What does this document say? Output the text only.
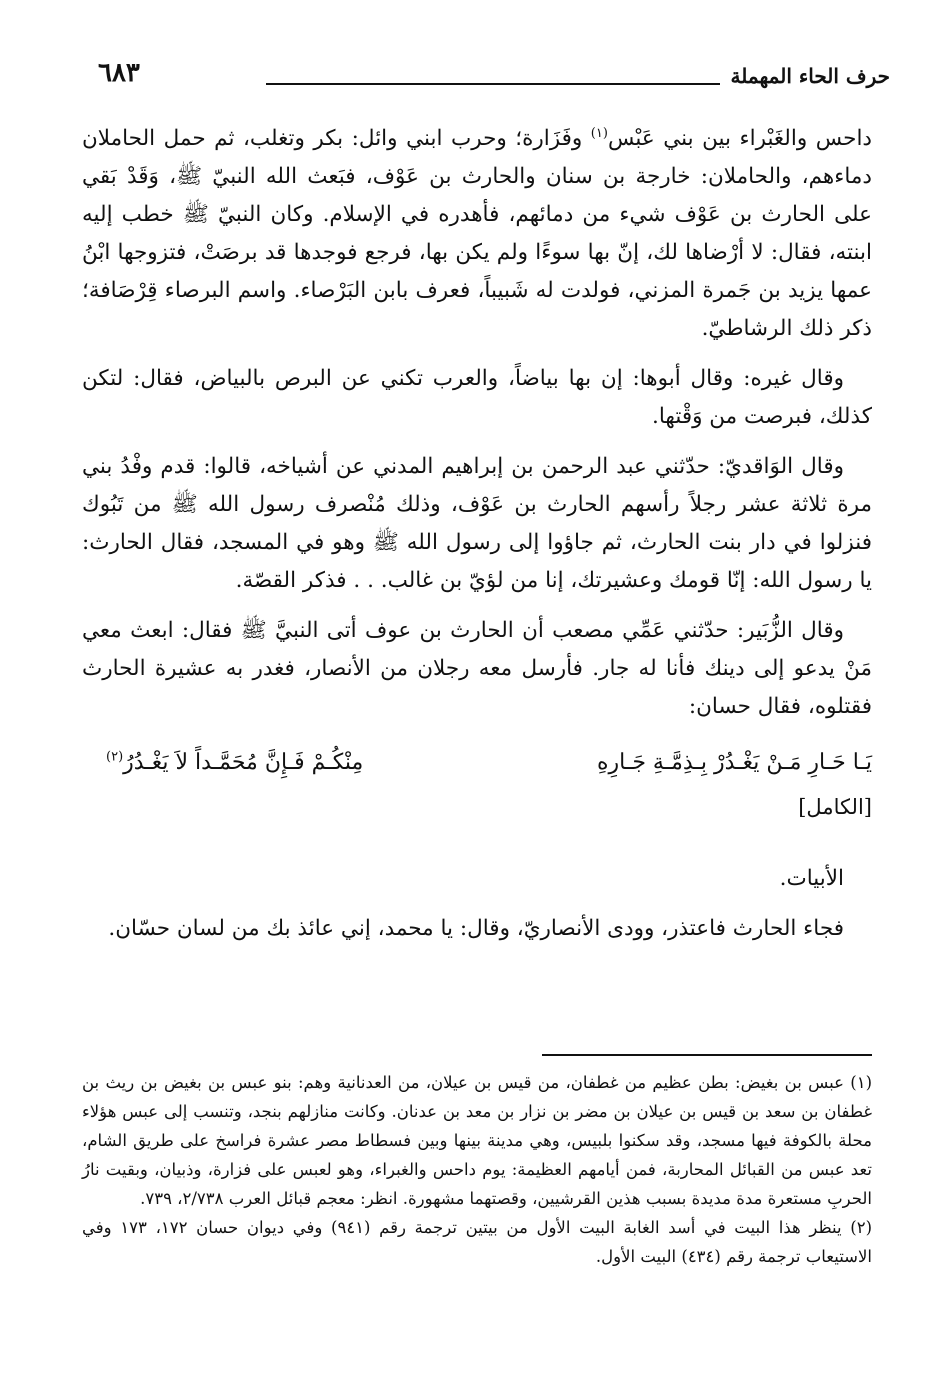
٦٨٣	حرف الحاء المهملة

داحس والغَبْراء بين بني عَبْس$^{(١)}$ وفَزَارة؛ وحرب ابني وائل: بكر وتغلب، ثم حمل الحاملان دماءهم، والحاملان: خارجة بن سنان والحارث بن عَوْف، فبَعث الله النبيّ ﷺ، وَقَدْ بَقي على الحارث بن عَوْف شيء من دمائهم، فأهدره في الإسلام. وكان النبيّ ﷺ خطب إليه ابنته، فقال: لا أرْضاها لك، إنّ بها سوءًا ولم يكن بها، فرجع فوجدها قد برصَتْ، فتزوجها ابْنُ عمها يزيد بن جَمرة المزني، فولدت له شَبيباً، فعرف بابن البَرْصاء. واسم البرصاء قِرْصَافة؛ ذكر ذلك الرشاطيّ.

وقال غيره: وقال أبوها: إن بها بياضاً، والعرب تكني عن البرص بالبياض، فقال: لتكن كذلك، فبرصت من وَقْتها.

وقال الوَاقديّ: حدّثني عبد الرحمن بن إبراهيم المدني عن أشياخه، قالوا: قدم وفْدُ بني مرة ثلاثة عشر رجلاً رأسهم الحارث بن عَوْف، وذلك مُنْصرف رسول الله ﷺ من تَبُوك فنزلوا في دار بنت الحارث، ثم جاؤوا إلى رسول الله ﷺ وهو في المسجد، فقال الحارث: يا رسول الله: إنّا قومك وعشيرتك، إنا من لؤيّ بن غالب. . . فذكر القصّة.

وقال الزُّبَير: حدّثني عَمِّي مصعب أن الحارث بن عوف أتى النبيَّ ﷺ فقال: ابعث معي مَنْ يدعو إلى دينك فأنا له جار. فأرسل معه رجلان من الأنصار، فغدر به عشيرة الحارث فقتلوه، فقال حسان:

يَـا حَـارِ مَـنْ يَغْـدُرْ بِـذِمَّـةِ جَـارِهِ
مِنْكُـمْ فَـإِنَّ مُحَمَّـداً لاَ يَغْـدُرُ$^{(٢)}$

[الكامل]

الأبيات.

فجاء الحارث فاعتذر، وودى الأنصاريّ، وقال: يا محمد، إني عائذ بك من لسان حسّان.

(١) عبس بن بغيض: بطن عظيم من غطفان، من قيس بن عيلان، من العدنانية وهم: بنو عبس بن بغيض بن ريث بن غطفان بن سعد بن قيس بن عيلان بن مضر بن نزار بن معد بن عدنان. وكانت منازلهم بنجد، وتنسب إلى عبس هؤلاء محلة بالكوفة فيها مسجد، وقد سكنوا بلبيس، وهي مدينة بينها وبين فسطاط مصر عشرة فراسخ على طريق الشام، تعد عبس من القبائل المحاربة، فمن أيامهم العظيمة: يوم داحس والغبراء، وهو لعبس على فزارة، وذبيان، وبقيت نارُ الحربِ مستعرة مدة مديدة بسبب هذين القرشيين، وقصتهما مشهورة. انظر: معجم قبائل العرب ٢/٧٣٨، ٧٣٩.

(٢) ينظر هذا البيت في أسد الغابة البيت الأول من بيتين ترجمة رقم (٩٤١) وفي ديوان حسان ١٧٢، ١٧٣ وفي الاستيعاب ترجمة رقم (٤٣٤) البيت الأول.
